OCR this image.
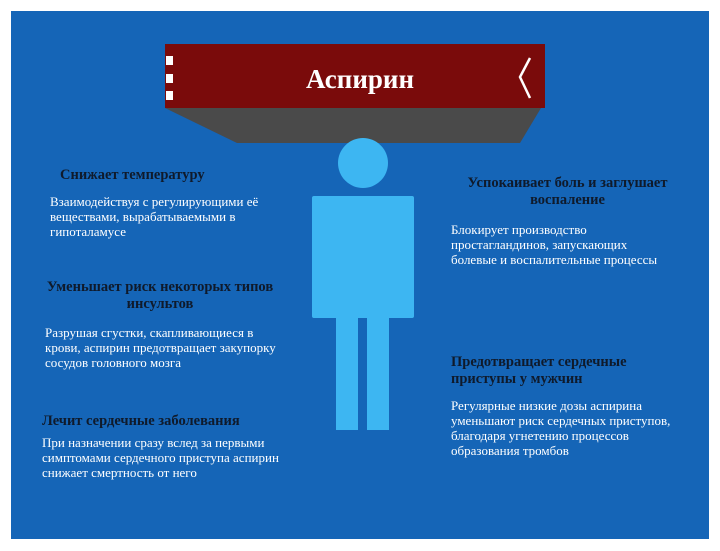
Аспирин
Снижает температуру
Взаимодействуя с регулирующими её веществами, вырабатываемыми в гипоталамусе
Уменьшает риск некоторых типов инсультов
Разрушая сгустки, скапливающиеся в крови, аспирин предотвращает закупорку сосудов головного мозга
Лечит сердечные заболевания
При назначении сразу вслед за первыми симптомами сердечного приступа аспирин снижает смертность от него
Успокаивает боль и заглушает воспаление
Блокирует производство простагландинов, запускающих болевые и воспалительные процессы
Предотвращает сердечные приступы у мужчин
Регулярные низкие дозы аспирина уменьшают риск сердечных приступов, благодаря угнетению процессов образования тромбов
